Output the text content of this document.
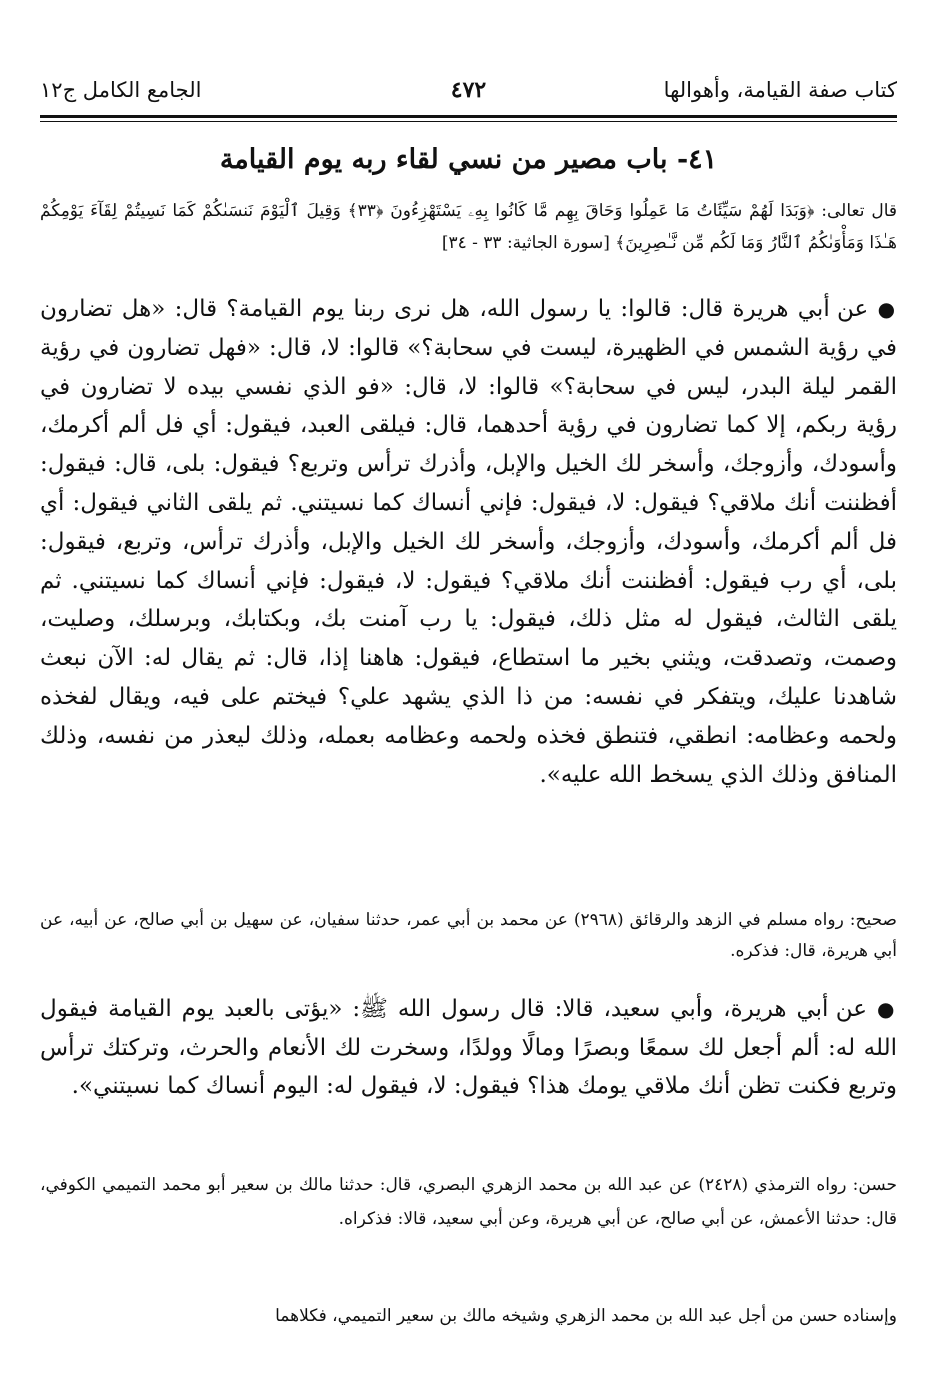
كتاب صفة القيامة، وأهوالها
٤٧٢
الجامع الكامل ج١٢
٤١- باب مصير من نسي لقاء ربه يوم القيامة
قال تعالى: ﴿وَبَدَا لَهُمْ سَيِّئَاتُ مَا عَمِلُوا وَحَاقَ بِهِم مَّا كَانُوا بِهِۦ يَسْتَهْزِءُونَ ﴿٣٣﴾ وَقِيلَ ٱلْيَوْمَ نَنسَىٰكُمْ كَمَا نَسِيتُمْ لِقَآءَ يَوْمِكُمْ هَـٰذَا وَمَأْوَىٰكُمُ ٱلنَّارُ وَمَا لَكُم مِّن نَّـٰصِرِينَ﴾ [سورة الجاثية: ٣٣ - ٣٤]
● عن أبي هريرة قال: قالوا: يا رسول الله، هل نرى ربنا يوم القيامة؟ قال: «هل تضارون في رؤية الشمس في الظهيرة، ليست في سحابة؟» قالوا: لا، قال: «فهل تضارون في رؤية القمر ليلة البدر، ليس في سحابة؟» قالوا: لا، قال: «فو الذي نفسي بيده لا تضارون في رؤية ربكم، إلا كما تضارون في رؤية أحدهما، قال: فيلقى العبد، فيقول: أي فل ألم أكرمك، وأسودك، وأزوجك، وأسخر لك الخيل والإبل، وأذرك ترأس وتربع؟ فيقول: بلى، قال: فيقول: أفظننت أنك ملاقي؟ فيقول: لا، فيقول: فإني أنساك كما نسيتني. ثم يلقى الثاني فيقول: أي فل ألم أكرمك، وأسودك، وأزوجك، وأسخر لك الخيل والإبل، وأذرك ترأس، وتربع، فيقول: بلى، أي رب فيقول: أفظننت أنك ملاقي؟ فيقول: لا، فيقول: فإني أنساك كما نسيتني. ثم يلقى الثالث، فيقول له مثل ذلك، فيقول: يا رب آمنت بك، وبكتابك، وبرسلك، وصليت، وصمت، وتصدقت، ويثني بخير ما استطاع، فيقول: هاهنا إذا، قال: ثم يقال له: الآن نبعث شاهدنا عليك، ويتفكر في نفسه: من ذا الذي يشهد علي؟ فيختم على فيه، ويقال لفخذه ولحمه وعظامه: انطقي، فتنطق فخذه ولحمه وعظامه بعمله، وذلك ليعذر من نفسه، وذلك المنافق وذلك الذي يسخط الله عليه».
صحيح: رواه مسلم في الزهد والرقائق (٢٩٦٨) عن محمد بن أبي عمر، حدثنا سفيان، عن سهيل بن أبي صالح، عن أبيه، عن أبي هريرة، قال: فذكره.
● عن أبي هريرة، وأبي سعيد، قالا: قال رسول الله ﷺ: «يؤتى بالعبد يوم القيامة فيقول الله له: ألم أجعل لك سمعًا وبصرًا ومالًا وولدًا، وسخرت لك الأنعام والحرث، وتركتك ترأس وتربع فكنت تظن أنك ملاقي يومك هذا؟ فيقول: لا، فيقول له: اليوم أنساك كما نسيتني».
حسن: رواه الترمذي (٢٤٢٨) عن عبد الله بن محمد الزهري البصري، قال: حدثنا مالك بن سعير أبو محمد التميمي الكوفي، قال: حدثنا الأعمش، عن أبي صالح، عن أبي هريرة، وعن أبي سعيد، قالا: فذكراه.
وإسناده حسن من أجل عبد الله بن محمد الزهري وشيخه مالك بن سعير التميمي، فكلاهما
